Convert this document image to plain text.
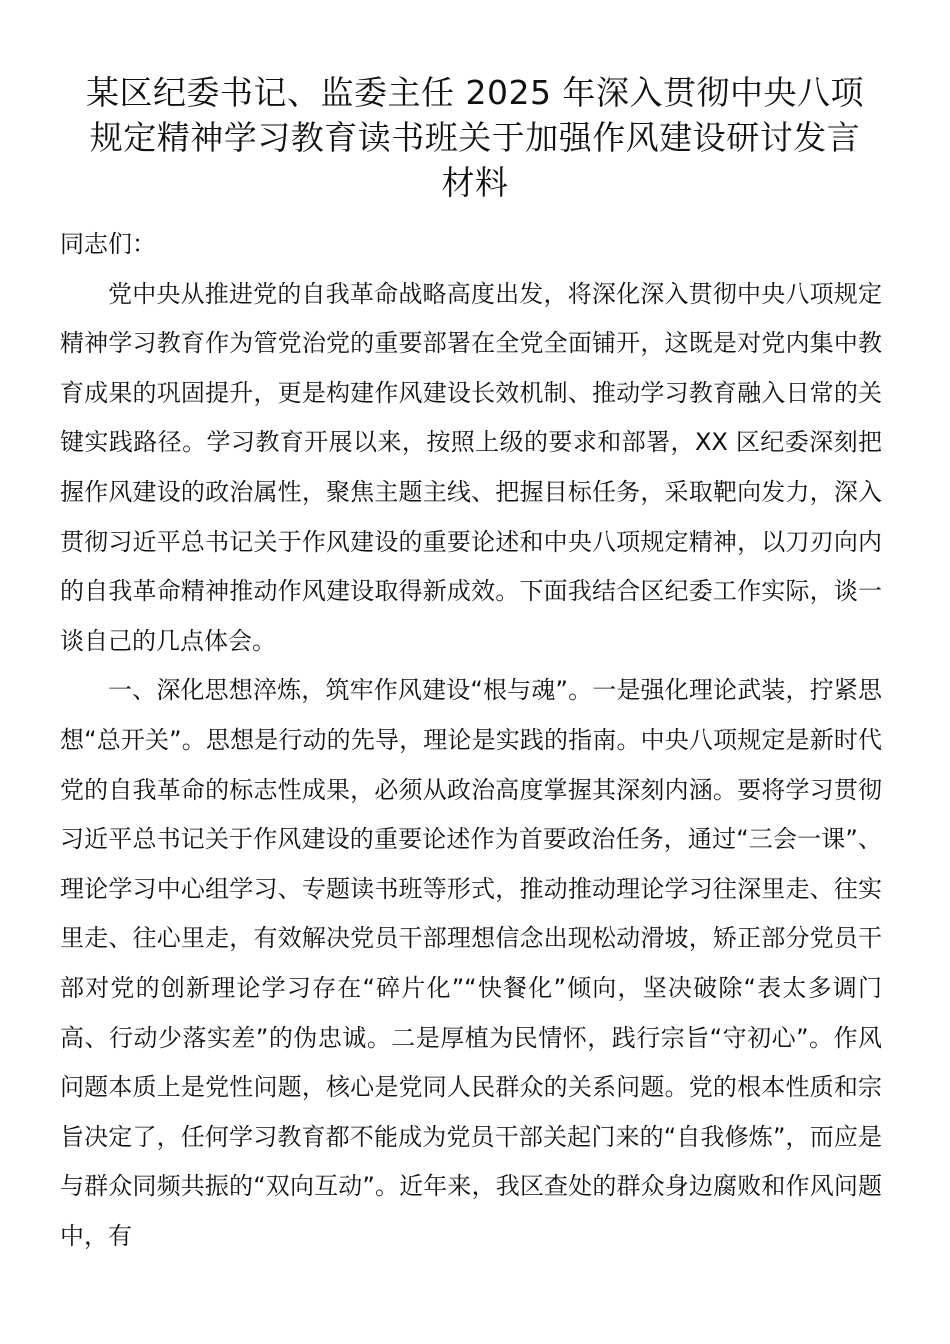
某区纪委书记、监委主任 2025 年深入贯彻中央八项
规定精神学习教育读书班关于加强作风建设研讨发言
材料

同志们：

党中央从推进党的自我革命战略高度出发，将深化深入贯彻中央八项规定精神学习教育作为管党治党的重要部署在全党全面铺开，这既是对党内集中教育成果的巩固提升，更是构建作风建设长效机制、推动学习教育融入日常的关键实践路径。学习教育开展以来，按照上级的要求和部署，XX 区纪委深刻把握作风建设的政治属性，聚焦主题主线、把握目标任务，采取靶向发力，深入贯彻习近平总书记关于作风建设的重要论述和中央八项规定精神，以刀刃向内的自我革命精神推动作风建设取得新成效。下面我结合区纪委工作实际，谈一谈自己的几点体会。

一、深化思想淬炼，筑牢作风建设“根与魂”。一是强化理论武装，拧紧思想“总开关”。思想是行动的先导，理论是实践的指南。中央八项规定是新时代党的自我革命的标志性成果，必须从政治高度掌握其深刻内涵。要将学习贯彻习近平总书记关于作风建设的重要论述作为首要政治任务，通过“三会一课”、理论学习中心组学习、专题读书班等形式，推动推动理论学习往深里走、往实里走、往心里走，有效解决党员干部理想信念出现松动滑坡，矫正部分党员干部对党的创新理论学习存在“碎片化”“快餐化”倾向，坚决破除“表太多调门高、行动少落实差”的伪忠诚。二是厚植为民情怀，践行宗旨“守初心”。作风问题本质上是党性问题，核心是党同人民群众的关系问题。党的根本性质和宗旨决定了，任何学习教育都不能成为党员干部关起门来的“自我修炼”，而应是与群众同频共振的“双向互动”。近年来，我区查处的群众身边腐败和作风问题中，有
